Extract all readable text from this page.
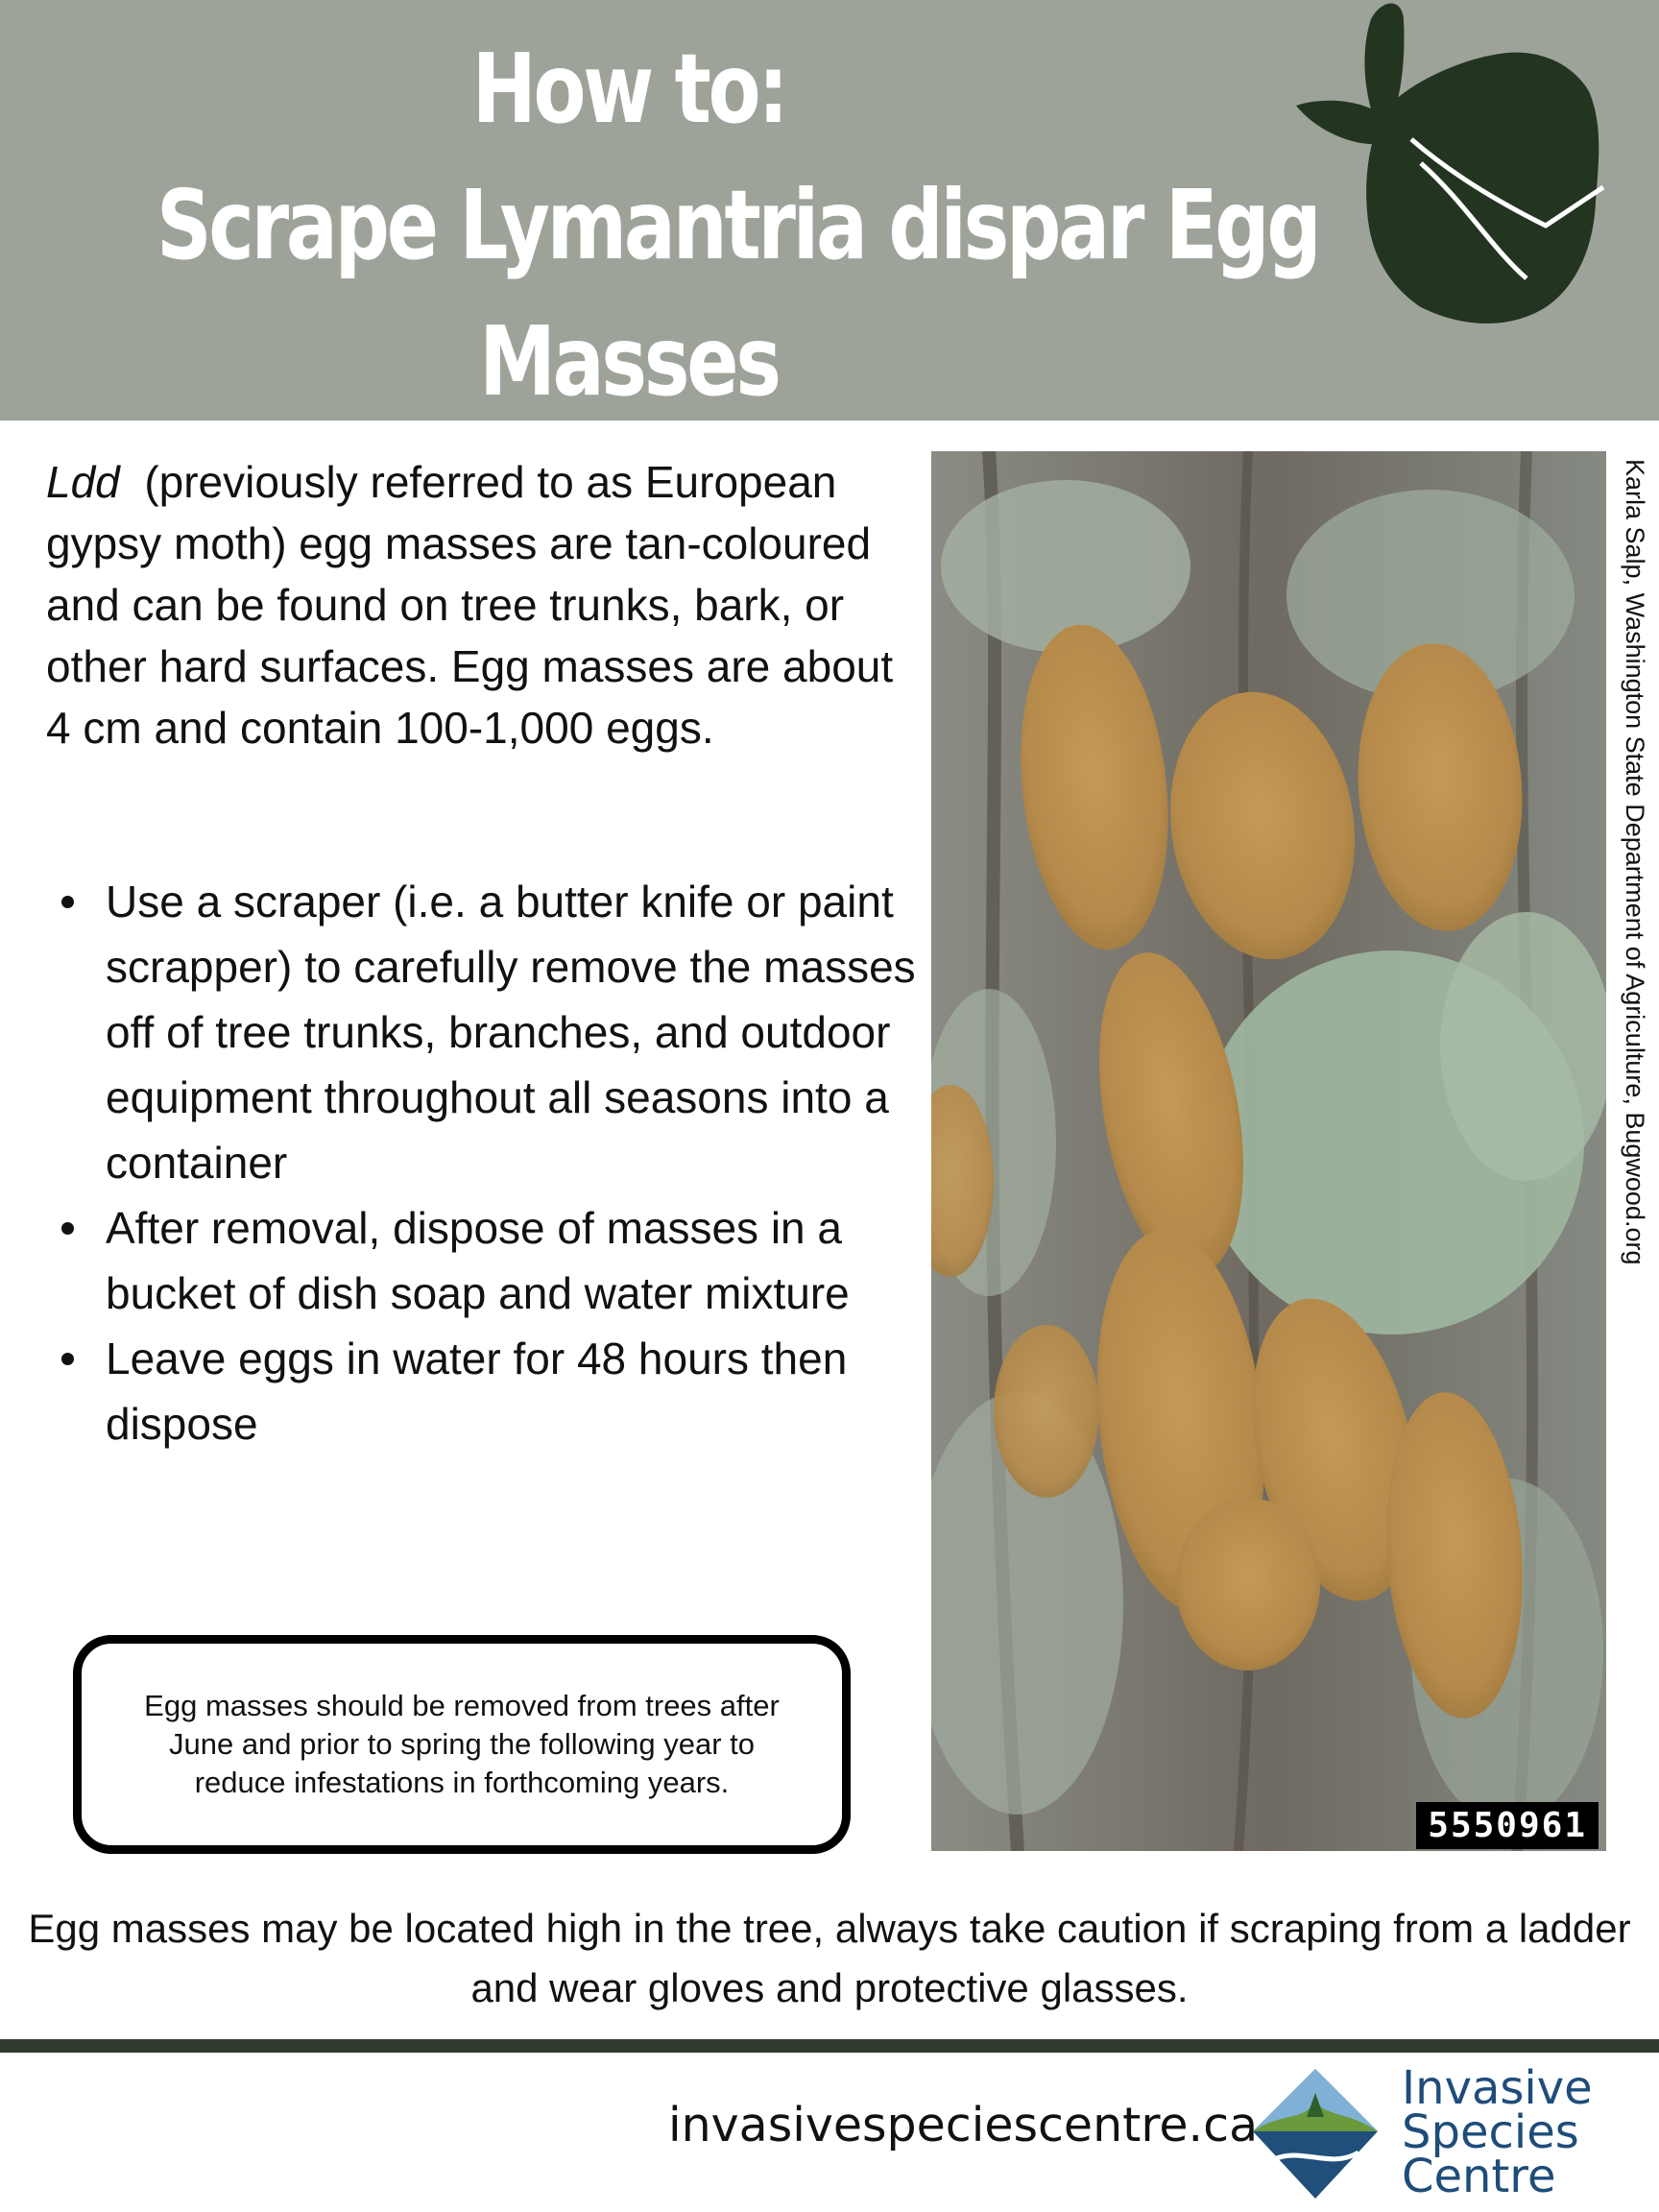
How to:
Scrape Lymantria dispar Egg
Masses
Ldd (previously referred to as European gypsy moth) egg masses are tan-coloured and can be found on tree trunks, bark, or other hard surfaces. Egg masses are about 4 cm and contain 100-1,000 eggs.
Use a scraper (i.e. a butter knife or paint scrapper) to carefully remove the masses off of tree trunks, branches, and outdoor equipment throughout all seasons into a container
After removal, dispose of masses in a bucket of dish soap and water mixture
Leave eggs in water for 48 hours then dispose
Egg masses should be removed from trees after June and prior to spring the following year to reduce infestations in forthcoming years.
5550961
Karla Salp, Washington State Department of Agriculture, Bugwood.org
Egg masses may be located high in the tree, always take caution if scraping from a ladder and wear gloves and protective glasses.
invasivespeciescentre.ca
Invasive
Species
Centre
